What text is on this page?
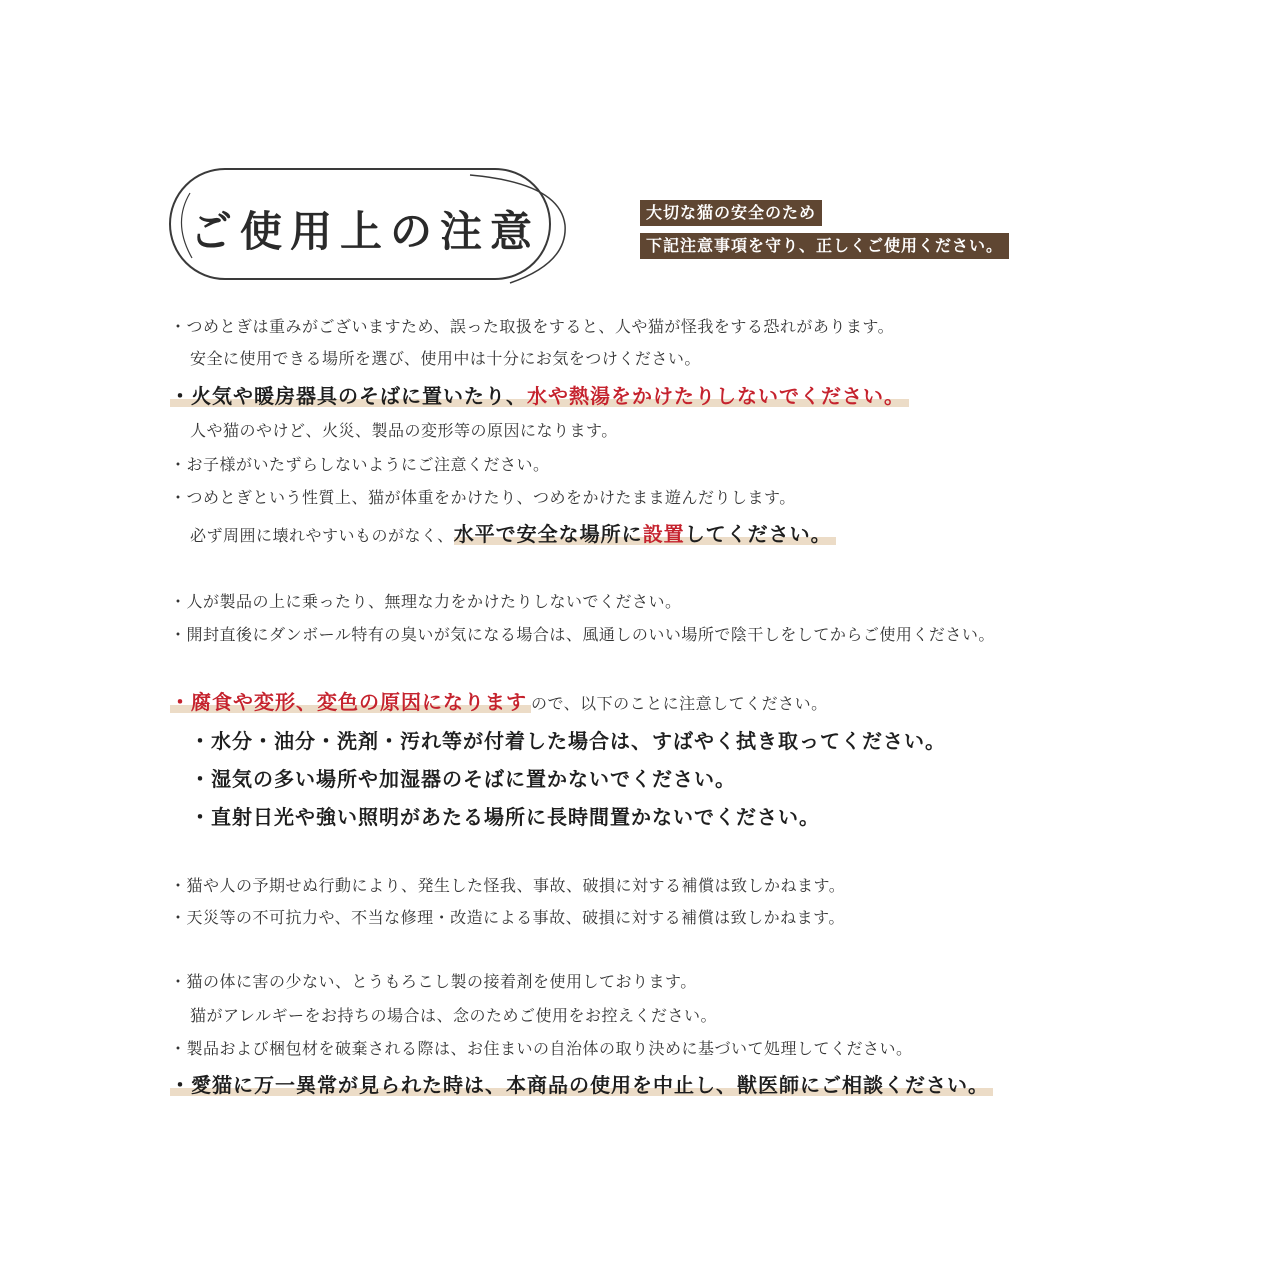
ご使用上の注意	大切な猫の安全のため
下記注意事項を守り、正しくご使用ください。
・つめとぎは重みがございますため、誤った取扱をすると、人や猫が怪我をする恐れがあります。
安全に使用できる場所を選び、使用中は十分にお気をつけください。
・火気や暖房器具のそばに置いたり、水や熱湯をかけたりしないでください。
人や猫のやけど、火災、製品の変形等の原因になります。
・お子様がいたずらしないようにご注意ください。
・つめとぎという性質上、猫が体重をかけたり、つめをかけたまま遊んだりします。
必ず周囲に壊れやすいものがなく、水平で安全な場所に設置してください。
・人が製品の上に乗ったり、無理な力をかけたりしないでください。
・開封直後にダンボール特有の臭いが気になる場合は、風通しのいい場所で陰干しをしてからご使用ください。
・腐食や変形、変色の原因になります ので、以下のことに注意してください。
・水分・油分・洗剤・汚れ等が付着した場合は、すばやく拭き取ってください。
・湿気の多い場所や加湿器のそばに置かないでください。
・直射日光や強い照明があたる場所に長時間置かないでください。
・猫や人の予期せぬ行動により、発生した怪我、事故、破損に対する補償は致しかねます。
・天災等の不可抗力や、不当な修理・改造による事故、破損に対する補償は致しかねます。
・猫の体に害の少ない、とうもろこし製の接着剤を使用しております。
猫がアレルギーをお持ちの場合は、念のためご使用をお控えください。
・製品および梱包材を破棄される際は、お住まいの自治体の取り決めに基づいて処理してください。
・愛猫に万一異常が見られた時は、本商品の使用を中止し、獣医師にご相談ください。
